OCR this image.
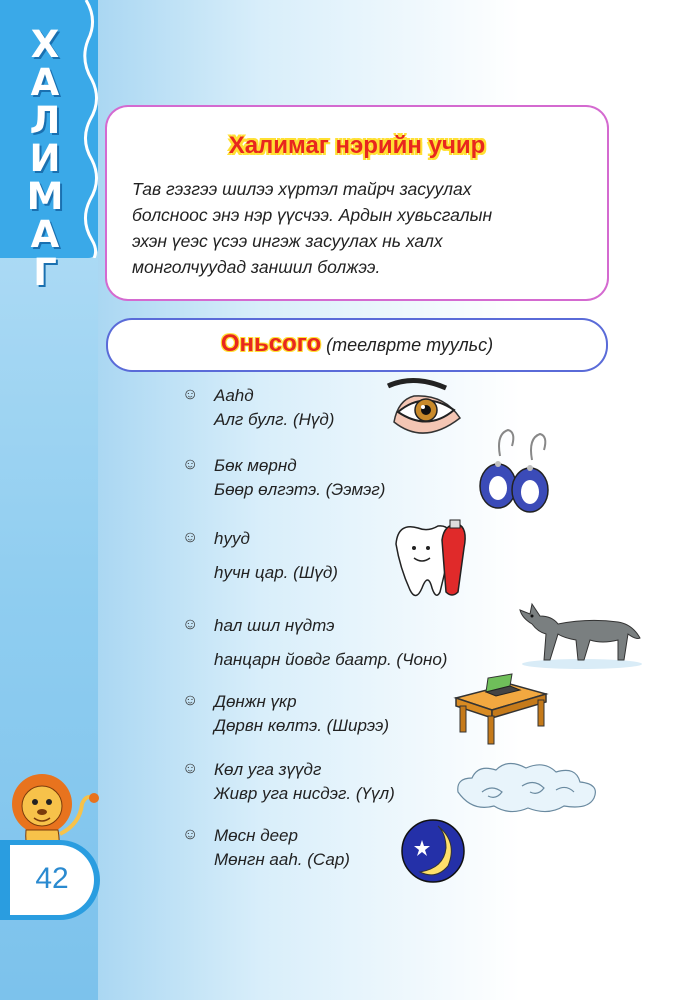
Х
А
Л
И
М
А
Г
Халимаг нэрийн учир
Тав гэзгээ шилээ хүртэл тайрч засуулах
болсноос энэ нэр үүсчээ. Ардын хувьсгалын
эхэн үеэс үсээ ингэж засуулах нь халх
монголчуудад заншил болжээ.
Оньсого (теелврте туульс)
☺ Ааhд
Алг булг. (Нүд)
☺ Бөк мөрнд
Бөөр өлгэтэ. (Ээмэг)
☺ hууд
hучн цар. (Шүд)
☺ hал шил нүдтэ
hанцарн йовдг баатр. (Чоно)
☺ Дөнжн үкр
Дөрвн көлтэ. (Ширээ)
☺ Көл уга зүүдг
Живр уга нисдэг. (Үүл)
☺ Мөсн деер
Мөнгн ааh. (Сар)
42
